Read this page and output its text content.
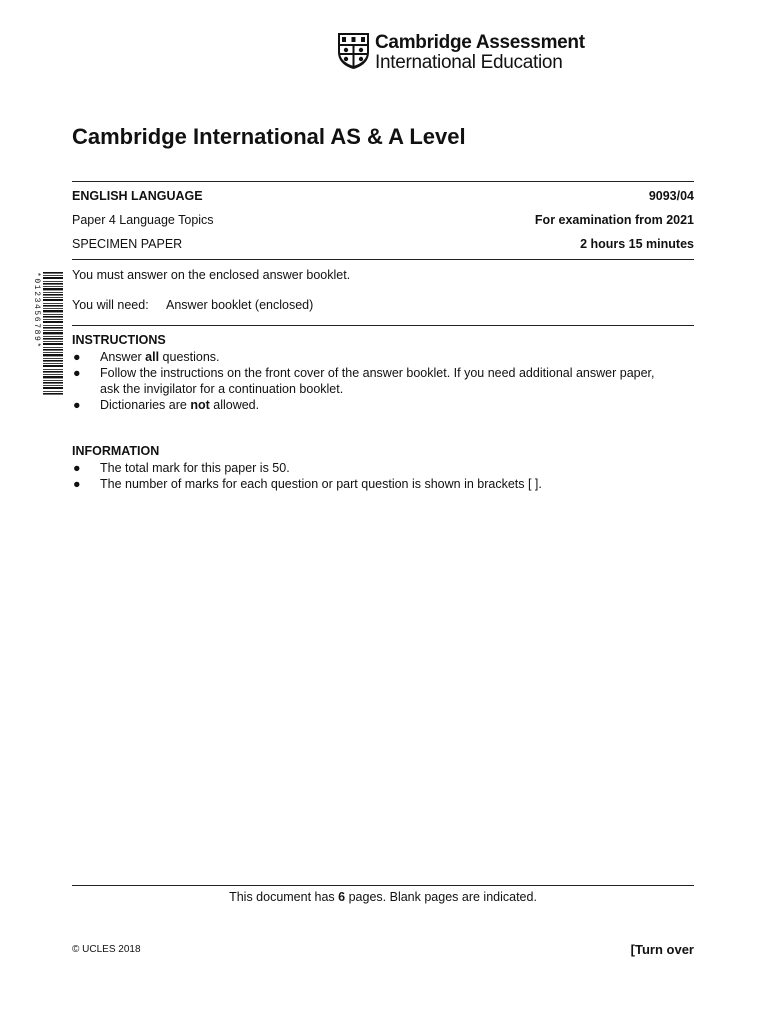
Cambridge Assessment
International Education
Cambridge International AS & A Level
ENGLISH LANGUAGE	9093/04
Paper 4 Language Topics	For examination from 2021
SPECIMEN PAPER	2 hours 15 minutes
*0123456789* You must answer on the enclosed answer booklet.
You will need: Answer booklet (enclosed)
INSTRUCTIONS
● Answer all questions.
● Follow the instructions on the front cover of the answer booklet. If you need additional answer paper,
ask the invigilator for a continuation booklet.
● Dictionaries are not allowed.
INFORMATION
● The total mark for this paper is 50.
● The number of marks for each question or part question is shown in brackets [ ].
This document has 6 pages. Blank pages are indicated.
© UCLES 2018	[Turn over
